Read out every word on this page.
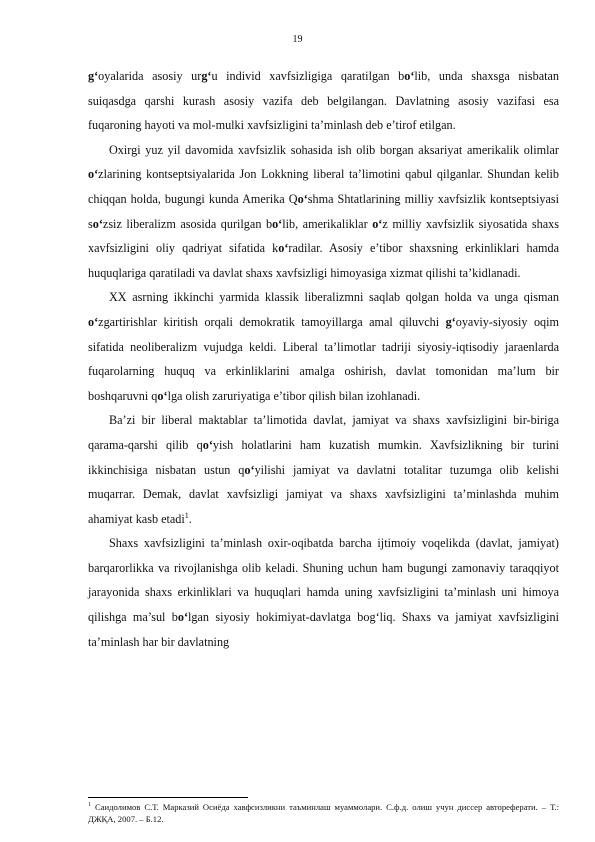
19

g‘oyalarida asosiy urg‘u individ xavfsizligiga qaratilgan bo‘lib, unda shaxsga nisbatan suiqasdga qarshi kurash asosiy vazifa deb belgilangan. Davlatning asosiy vazifasi esa fuqaroning hayoti va mol-mulki xavfsizligini ta’minlash deb e’tirof etilgan.

Oxirgi yuz yil davomida xavfsizlik sohasida ish olib borgan aksariyat amerikalik olimlar o‘zlarining kontseptsiyalarida Jon Lokkning liberal ta’limotini qabul qilganlar. Shundan kelib chiqqan holda, bugungi kunda Amerika Qo‘shma Shtatlarining milliy xavfsizlik kontseptsiyasi so‘zsiz liberalizm asosida qurilgan bo‘lib, amerikaliklar o‘z milliy xavfsizlik siyosatida shaxs xavfsizligini oliy qadriyat sifatida ko‘radilar. Asosiy e’tibor shaxsning erkinliklari hamda huquqlariga qaratiladi va davlat shaxs xavfsizligi himoyasiga xizmat qilishi ta’kidlanadi.

XX asrning ikkinchi yarmida klassik liberalizmni saqlab qolgan holda va unga qisman o‘zgartirishlar kiritish orqali demokratik tamoyillarga amal qiluvchi g‘oyaviy-siyosiy oqim sifatida neoliberalizm vujudga keldi. Liberal ta’limotlar tadriji siyosiy-iqtisodiy jaraenlarda fuqarolarning huquq va erkinliklarini amalga oshirish, davlat tomonidan ma’lum bir boshqaruvni qo‘lga olish zaruriyatiga e’tibor qilish bilan izohlanadi.

Ba’zi bir liberal maktablar ta’limotida davlat, jamiyat va shaxs xavfsizligini bir-biriga qarama-qarshi qilib qo‘yish holatlarini ham kuzatish mumkin. Xavfsizlikning bir turini ikkinchisiga nisbatan ustun qo‘yilishi jamiyat va davlatni totalitar tuzumga olib kelishi muqarrar. Demak, davlat xavfsizligi jamiyat va shaxs xavfsizligini ta’minlashda muhim ahamiyat kasb etadi$^1$.

Shaxs xavfsizligini ta’minlash oxir-oqibatda barcha ijtimoiy voqelikda (davlat, jamiyat) barqarorlikka va rivojlanishga olib keladi. Shuning uchun ham bugungi zamonaviy taraqqiyot jarayonida shaxs erkinliklari va huquqlari hamda uning xavfsizligini ta’minlash uni himoya qilishga ma’sul bo‘lgan siyosiy hokimiyat-davlatga bog‘liq. Shaxs va jamiyat xavfsizligini ta’minlash har bir davlatning

$^1$ Саидолимов С.Т. Марказий Осиёда хавфсизликни таъминлаш муаммолари. С.ф.д. олиш учун диссер автореферати. – Т.: ДЖҚА, 2007. – Б.12.
